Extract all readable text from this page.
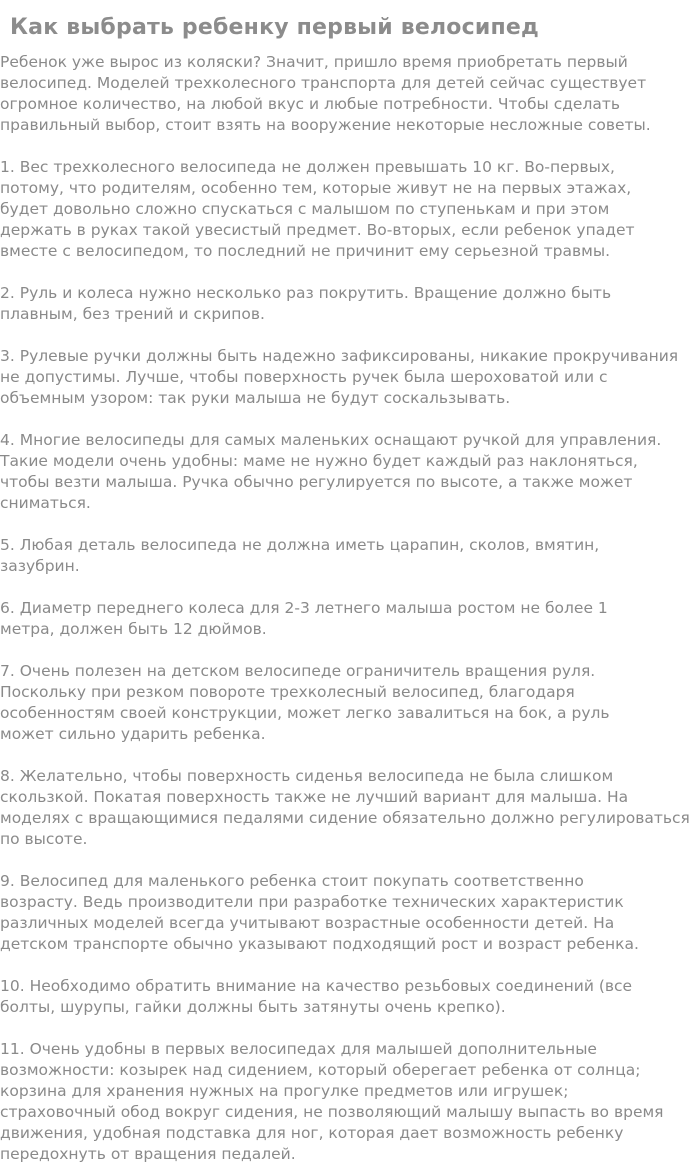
Как выбрать ребенку первый велосипед

Ребенок уже вырос из коляски? Значит, пришло время приобретать первый
велосипед. Моделей трехколесного транспорта для детей сейчас существует
огромное количество, на любой вкус и любые потребности. Чтобы сделать
правильный выбор, стоит взять на вооружение некоторые несложные советы.

1. Вес трехколесного велосипеда не должен превышать 10 кг. Во-первых,
потому, что родителям, особенно тем, которые живут не на первых этажах,
будет довольно сложно спускаться с малышом по ступенькам и при этом
держать в руках такой увесистый предмет. Во-вторых, если ребенок упадет
вместе с велосипедом, то последний не причинит ему серьезной травмы.

2. Руль и колеса нужно несколько раз покрутить. Вращение должно быть
плавным, без трений и скрипов.

3. Рулевые ручки должны быть надежно зафиксированы, никакие прокручивания
не допустимы. Лучше, чтобы поверхность ручек была шероховатой или с
объемным узором: так руки малыша не будут соскальзывать.

4. Многие велосипеды для самых маленьких оснащают ручкой для управления.
Такие модели очень удобны: маме не нужно будет каждый раз наклоняться,
чтобы везти малыша. Ручка обычно регулируется по высоте, а также может
сниматься.

5. Любая деталь велосипеда не должна иметь царапин, сколов, вмятин,
зазубрин.

6. Диаметр переднего колеса для 2-3 летнего малыша ростом не более 1
метра, должен быть 12 дюймов.

7. Очень полезен на детском велосипеде ограничитель вращения руля.
Поскольку при резком повороте трехколесный велосипед, благодаря
особенностям своей конструкции, может легко завалиться на бок, а руль
может сильно ударить ребенка.

8. Желательно, чтобы поверхность сиденья велосипеда не была слишком
скользкой. Покатая поверхность также не лучший вариант для малыша. На
моделях с вращающимися педалями сидение обязательно должно регулироваться
по высоте.

9. Велосипед для маленького ребенка стоит покупать соответственно
возрасту. Ведь производители при разработке технических характеристик
различных моделей всегда учитывают возрастные особенности детей. На
детском транспорте обычно указывают подходящий рост и возраст ребенка.

10. Необходимо обратить внимание на качество резьбовых соединений (все
болты, шурупы, гайки должны быть затянуты очень крепко).

11. Очень удобны в первых велосипедах для малышей дополнительные
возможности: козырек над сидением, который оберегает ребенка от солнца;
корзина для хранения нужных на прогулке предметов или игрушек;
страховочный обод вокруг сидения, не позволяющий малышу выпасть во время
движения, удобная подставка для ног, которая дает возможность ребенку
передохнуть от вращения педалей.
